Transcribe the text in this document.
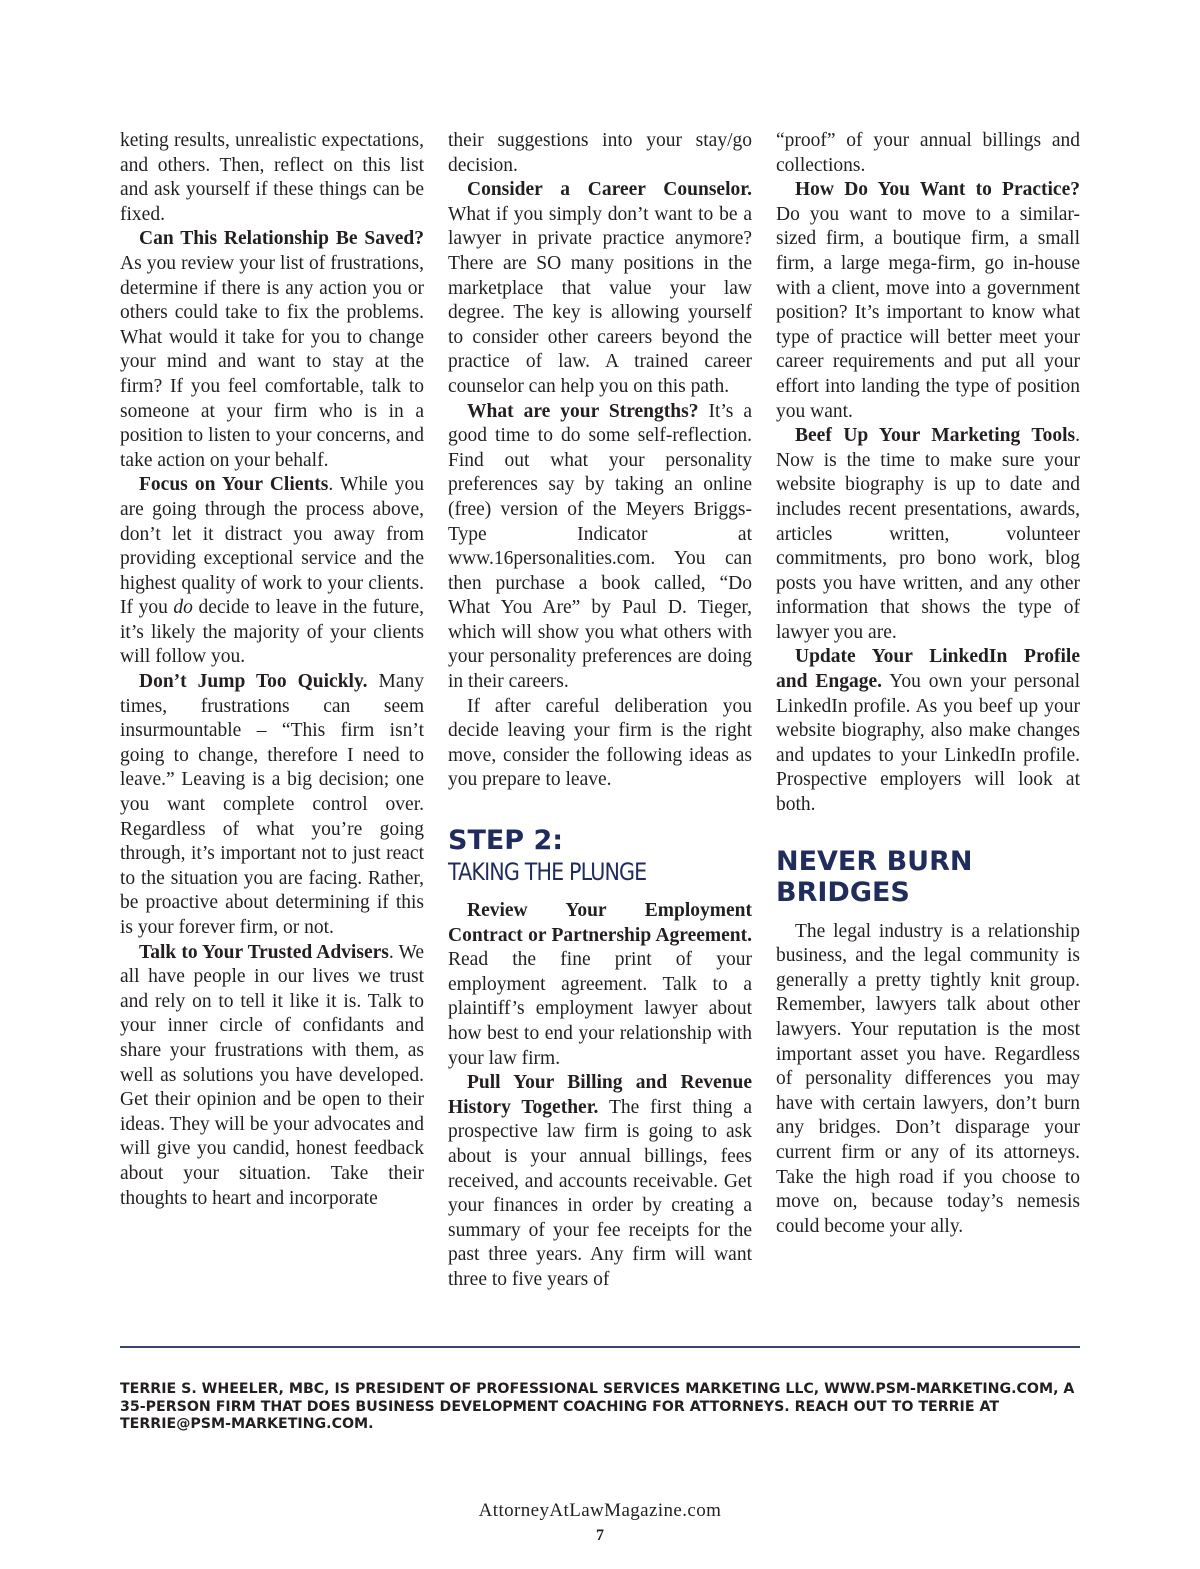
keting results, unrealistic expectations, and others. Then, reflect on this list and ask yourself if these things can be fixed.

Can This Relationship Be Saved? As you review your list of frustrations, determine if there is any action you or others could take to fix the problems. What would it take for you to change your mind and want to stay at the firm? If you feel comfortable, talk to someone at your firm who is in a position to listen to your concerns, and take action on your behalf.

Focus on Your Clients. While you are going through the process above, don’t let it distract you away from providing exceptional service and the highest quality of work to your clients. If you do decide to leave in the future, it’s likely the majority of your clients will follow you.

Don’t Jump Too Quickly. Many times, frustrations can seem insurmountable – “This firm isn’t going to change, therefore I need to leave.” Leaving is a big decision; one you want complete control over. Regardless of what you’re going through, it’s important not to just react to the situation you are facing. Rather, be proactive about determining if this is your forever firm, or not.

Talk to Your Trusted Advisers. We all have people in our lives we trust and rely on to tell it like it is. Talk to your inner circle of confidants and share your frustrations with them, as well as solutions you have developed. Get their opinion and be open to their ideas. They will be your advocates and will give you candid, honest feedback about your situation. Take their thoughts to heart and incorporate

their suggestions into your stay/go decision.

Consider a Career Counselor. What if you simply don’t want to be a lawyer in private practice anymore? There are SO many positions in the marketplace that value your law degree. The key is allowing yourself to consider other careers beyond the practice of law. A trained career counselor can help you on this path.

What are your Strengths? It’s a good time to do some self-reflection. Find out what your personality preferences say by taking an online (free) version of the Meyers Briggs-Type Indicator at www.16personalities.com. You can then purchase a book called, “Do What You Are” by Paul D. Tieger, which will show you what others with your personality preferences are doing in their careers.

If after careful deliberation you decide leaving your firm is the right move, consider the following ideas as you prepare to leave.

STEP 2:
TAKING THE PLUNGE

Review Your Employment Contract or Partnership Agreement. Read the fine print of your employment agreement. Talk to a plaintiff’s employment lawyer about how best to end your relationship with your law firm.

Pull Your Billing and Revenue History Together. The first thing a prospective law firm is going to ask about is your annual billings, fees received, and accounts receivable. Get your finances in order by creating a summary of your fee receipts for the past three years. Any firm will want three to five years of

“proof” of your annual billings and collections.

How Do You Want to Practice? Do you want to move to a similar-sized firm, a boutique firm, a small firm, a large mega-firm, go in-house with a client, move into a government position? It’s important to know what type of practice will better meet your career requirements and put all your effort into landing the type of position you want.

Beef Up Your Marketing Tools. Now is the time to make sure your website biography is up to date and includes recent presentations, awards, articles written, volunteer commitments, pro bono work, blog posts you have written, and any other information that shows the type of lawyer you are.

Update Your LinkedIn Profile and Engage. You own your personal LinkedIn profile. As you beef up your website biography, also make changes and updates to your LinkedIn profile. Prospective employers will look at both.

NEVER BURN BRIDGES

The legal industry is a relationship business, and the legal community is generally a pretty tightly knit group. Remember, lawyers talk about other lawyers. Your reputation is the most important asset you have. Regardless of personality differences you may have with certain lawyers, don’t burn any bridges. Don’t disparage your current firm or any of its attorneys. Take the high road if you choose to move on, because today’s nemesis could become your ally.

TERRIE S. WHEELER, MBC, IS PRESIDENT OF PROFESSIONAL SERVICES MARKETING LLC, WWW.PSM-MARKETING.COM, A 35-PERSON FIRM THAT DOES BUSINESS DEVELOPMENT COACHING FOR ATTORNEYS. REACH OUT TO TERRIE AT TERRIE@PSM-MARKETING.COM.
AttorneyAtLawMagazine.com
7
